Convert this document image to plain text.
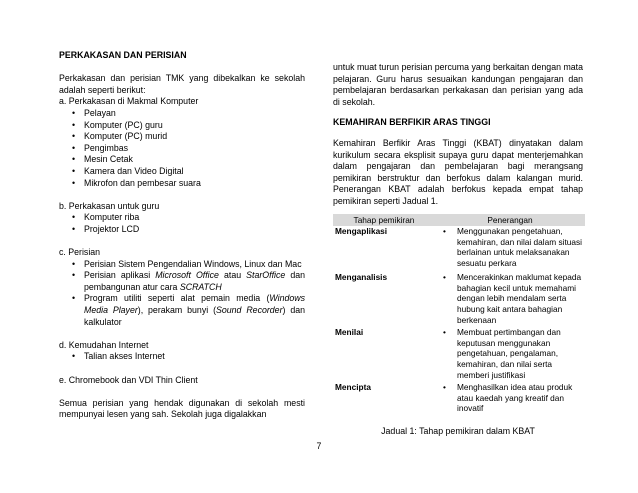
PERKAKASAN DAN PERISIAN

Perkakasan dan perisian TMK yang dibekalkan ke sekolah adalah seperti berikut:

a. Perkakasan di Makmal Komputer

• Pelayan
• Komputer (PC) guru
• Komputer (PC) murid
• Pengimbas
• Mesin Cetak
• Kamera dan Video Digital
• Mikrofon dan pembesar suara

b. Perkakasan untuk guru

• Komputer riba
• Projektor LCD

c. Perisian

• Perisian Sistem Pengendalian Windows, Linux dan Mac
• Perisian aplikasi Microsoft Office atau StarOffice dan pembangunan atur cara SCRATCH
• Program utiliti seperti alat pemain media (Windows Media Player), perakam bunyi (Sound Recorder) dan kalkulator

d. Kemudahan Internet

• Talian akses Internet

e. Chromebook dan VDI Thin Client

Semua perisian yang hendak digunakan di sekolah mesti mempunyai lesen yang sah. Sekolah juga digalakkan

untuk muat turun perisian percuma yang berkaitan dengan mata pelajaran. Guru harus sesuaikan kandungan pengajaran dan pembelajaran berdasarkan perkakasan dan perisian yang ada di sekolah.

KEMAHIRAN BERFIKIR ARAS TINGGI

Kemahiran Berfikir Aras Tinggi (KBAT) dinyatakan dalam kurikulum secara eksplisit supaya guru dapat menterjemahkan dalam pengajaran dan pembelajaran bagi merangsang pemikiran berstruktur dan berfokus dalam kalangan murid. Penerangan KBAT adalah berfokus kepada empat tahap pemikiran seperti Jadual 1.

Tahap pemikiran	Penerangan
Mengaplikasi	• Menggunakan pengetahuan, kemahiran, dan nilai dalam situasi berlainan untuk melaksanakan sesuatu perkara
Menganalisis	• Mencerakinkan maklumat kepada bahagian kecil untuk memahami dengan lebih mendalam serta hubung kait antara bahagian berkenaan
Menilai	• Membuat pertimbangan dan keputusan menggunakan pengetahuan, pengalaman, kemahiran, dan nilai serta memberi justifikasi
Mencipta	• Menghasilkan idea atau produk atau kaedah yang kreatif dan inovatif

Jadual 1: Tahap pemikiran dalam KBAT

7
